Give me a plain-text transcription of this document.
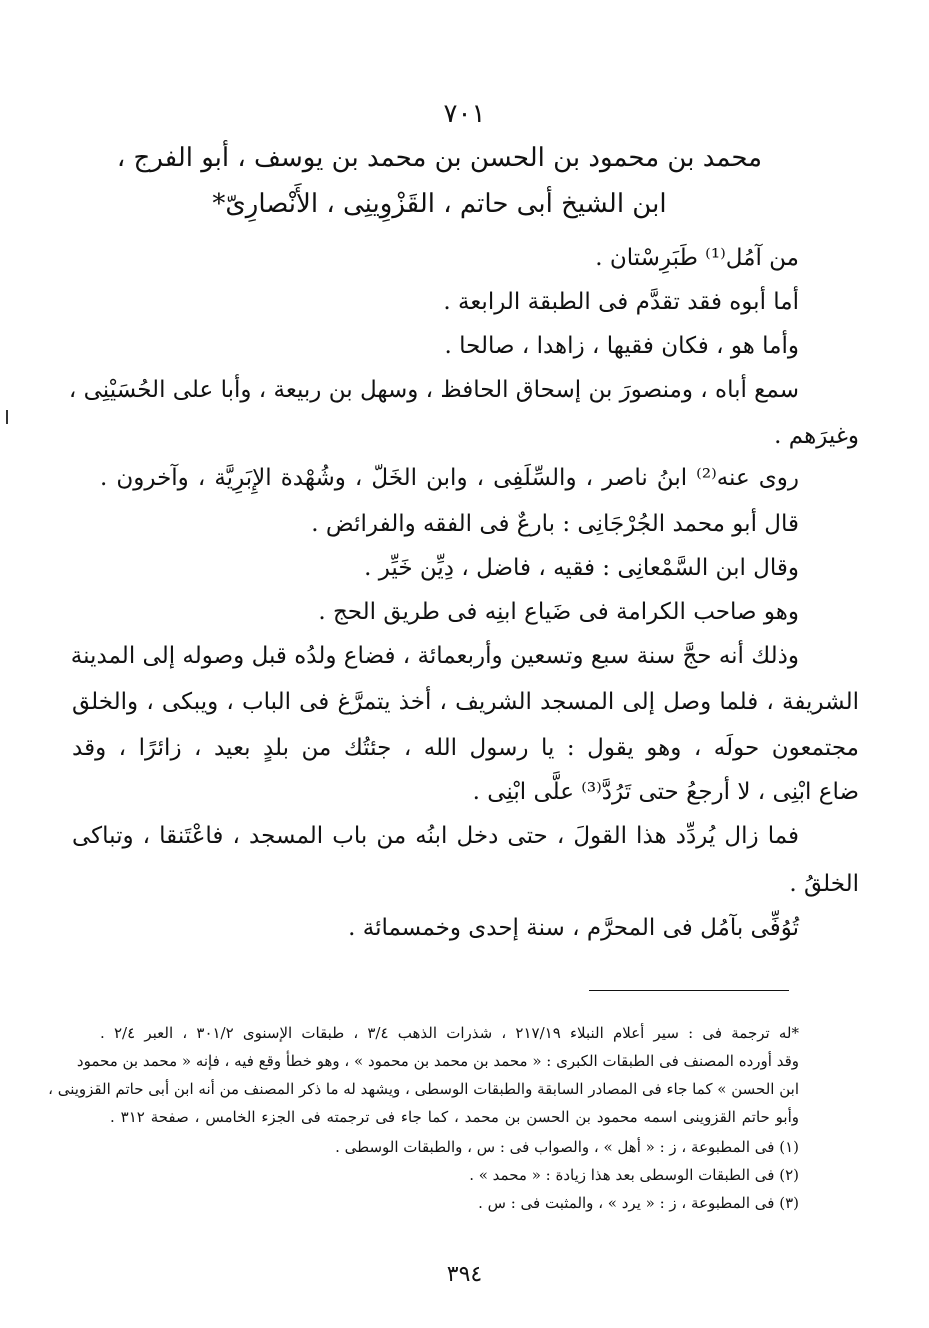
٧٠١
محمد بن محمود بن الحسن بن محمد بن يوسف ، أبو الفرج ،
ابن الشيخ أبى حاتم ، القَزْوِينِى ، الأَنْصارِىّ*
من آمُل⁽¹⁾ طَبَرِسْتان .
أما أبوه فقد تقدَّم فى الطبقة الرابعة .
وأما هو ، فكان فقيها ، زاهدا ، صالحا .
سمع أباه ، ومنصورَ بن إسحاق الحافظ ، وسهل بن ربيعة ، وأبا على الحُسَيْنِى ،
وغيرَهم .
روى عنه⁽²⁾ ابنُ ناصر ، والسِّلَفِى ، وابن الخَلّ ، وشُهْدة الإِبَرِيَّة ، وآخرون .
قال أبو محمد الجُرْجَانِى : بارعٌ فى الفقه والفرائض .
وقال ابن السَّمْعانِى : فقيه ، فاضل ، دِيِّن خَيِّر .
وهو صاحب الكرامة فى ضَياع ابنِه فى طريق الحج .
وذلك أنه حجَّ سنة سبع وتسعين وأربعمائة ، فضاع ولدُه قبل وصوله إلى المدينة
الشريفة ، فلما وصل إلى المسجد الشريف ، أخذ يتمرَّغ فى الباب ، ويبكى ، والخلق
مجتمعون حولَه ، وهو يقول : يا رسول الله ، جئتُك من بلدٍ بعيد ، زائرًا ، وقد
ضاع ابْنِى ، لا أرجعُ حتى تَرُدَّ⁽³⁾ علَّى ابْنِى .
فما زال يُردِّد هذا القولَ ، حتى دخل ابنُه من باب المسجد ، فاعْتَنقا ، وتباكى
الخلقُ .
تُوُفِّى بآمُل فى المحرَّم ، سنة إحدى وخمسمائة .
*له ترجمة فى : سير أعلام النبلاء ٢١٧/١٩ ، شذرات الذهب ٣/٤ ، طبقات الإسنوى ٣٠١/٢ ، العبر ٢/٤ .
وقد أورده المصنف فى الطبقات الكبرى : « محمد بن محمد بن محمود » ، وهو خطأ وقع فيه ، فإنه « محمد بن محمود
ابن الحسن » كما جاء فى المصادر السابقة والطبقات الوسطى ، ويشهد له ما ذكر المصنف من أنه ابن أبى حاتم القزوينى ،
وأبو حاتم القزوينى اسمه محمود بن الحسن بن محمد ، كما جاء فى ترجمته فى الجزء الخامس ، صفحة ٣١٢ .
(١) فى المطبوعة ، ز : « أهل » ، والصواب فى : س ، والطبقات الوسطى .
(٢) فى الطبقات الوسطى بعد هذا زيادة : « محمد » .
(٣) فى المطبوعة ، ز : « يرد » ، والمثبت فى : س .
٣٩٤
